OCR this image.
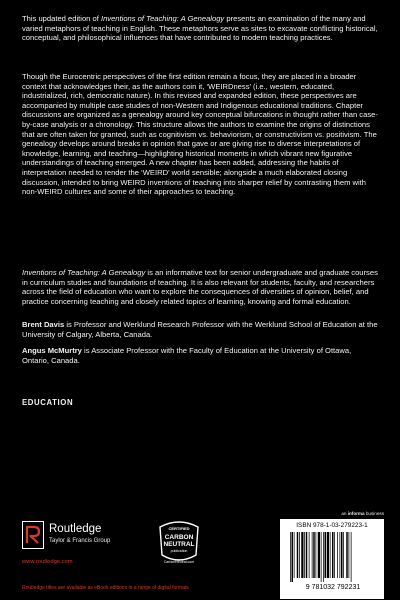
This updated edition of Inventions of Teaching: A Genealogy presents an examination of the many and varied metaphors of teaching in English. These metaphors serve as sites to excavate conflicting historical, conceptual, and philosophical influences that have contributed to modern teaching practices.

Though the Eurocentric perspectives of the first edition remain a focus, they are placed in a broader context that acknowledges their, as the authors coin it, ‘WEIRDness’ (i.e., western, educated, industrialized, rich, democratic nature). In this revised and expanded edition, these perspectives are accompanied by multiple case studies of non-Western and Indigenous educational traditions. Chapter discussions are organized as a genealogy around key conceptual bifurcations in thought rather than case-by-case analysis or a chronology. This structure allows the authors to examine the origins of distinctions that are often taken for granted, such as cognitivism vs. behaviorism, or constructivism vs. positivism. The genealogy develops around breaks in opinion that gave or are giving rise to diverse interpretations of knowledge, learning, and teaching—highlighting historical moments in which vibrant new figurative understandings of teaching emerged. A new chapter has been added, addressing the habits of interpretation needed to render the ‘WEIRD’ world sensible; alongside a much elaborated closing discussion, intended to bring WEIRD inventions of teaching into sharper relief by contrasting them with non-WEIRD cultures and some of their approaches to teaching.

Inventions of Teaching: A Genealogy is an informative text for senior undergraduate and graduate courses in curriculum studies and foundations of teaching. It is also relevant for students, faculty, and researchers across the field of education who want to explore the consequences of diversities of opinion, belief, and practice concerning teaching and closely related topics of learning, knowing and formal education.

Brent Davis is Professor and Werklund Research Professor with the Werklund School of Education at the University of Calgary, Alberta, Canada.

Angus McMurtry is Associate Professor with the Faculty of Education at the University of Ottawa, Ontario, Canada.

EDUCATION
Routledge
Taylor & Francis Group
www.routledge.com
CERTIFIED
CARBON
NEUTRAL
publication
CarbonNeutral.com
an informa business
ISBN 978-1-03-279223-1
9 781032 792231
Routledge titles are available as eBook editions in a range of digital formats
